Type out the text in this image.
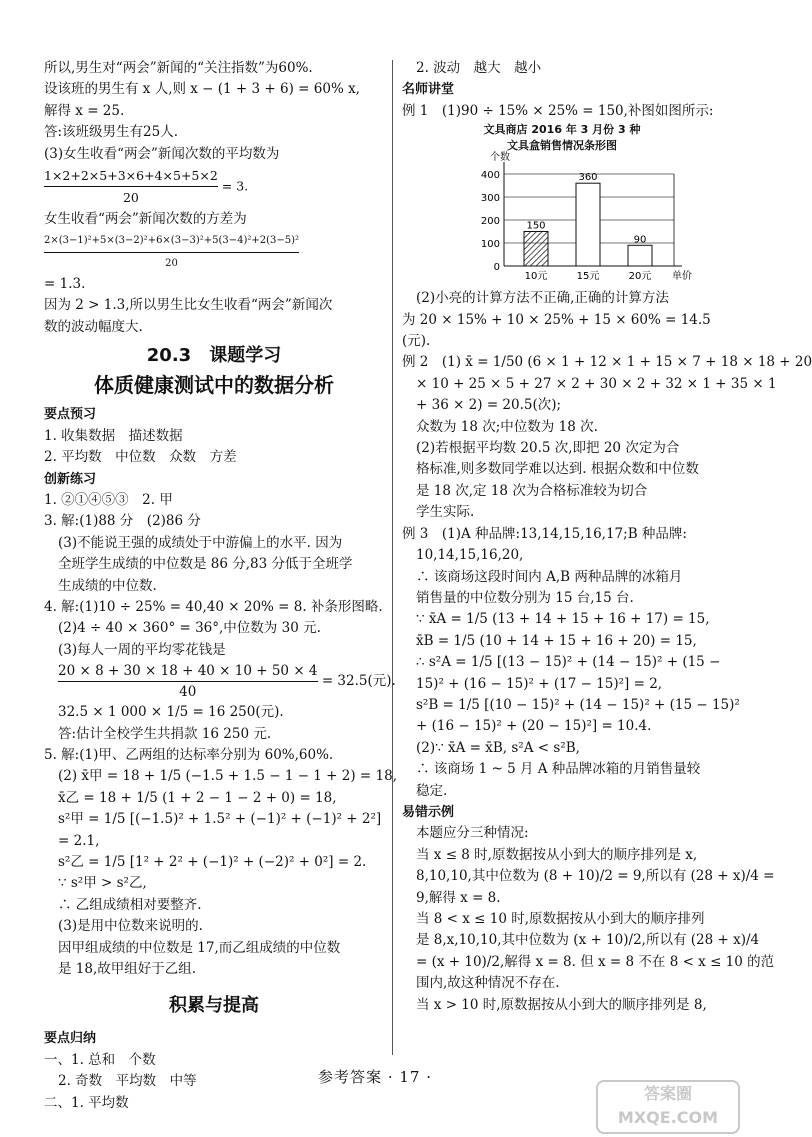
所以,男生对“两会”新闻的“关注指数”为60%.
设该班的男生有 x 人,则 x − (1 + 3 + 6) = 60% x,
解得 x = 25.
答:该班级男生有25人.
(3)女生收看“两会”新闻次数的平均数为
$\frac{1\times 2+2\times 5+3\times 6+4\times 5+5\times 2}{20} = 3$.
女生收看“两会”新闻次数的方差为
$\frac{\text{2×(3−1)²+5×(3−2)²+6×(3−3)²+5(3−4)²+2(3−5)²}}{20}$
= 1.3.
因为 2 > 1.3,所以男生比女生收看“两会”新闻次
数的波动幅度大.
20.3　课题学习
体质健康测试中的数据分析
要点预习
1. 收集数据　描述数据
2. 平均数　中位数　众数　方差
创新练习
1. ②①④⑤③　2. 甲
3. 解:(1)88 分　(2)86 分
(3)不能说王强的成绩处于中游偏上的水平. 因为
全班学生成绩的中位数是 86 分,83 分低于全班学
生成绩的中位数.
4. 解:(1)10 ÷ 25% = 40,40 × 20% = 8. 补条形图略.
(2)4 ÷ 40 × 360° = 36°,中位数为 30 元.
(3)每人一周的平均零花钱是
$\frac{20 \times 8 + 30 \times 18 + 40 \times 10 + 50 \times 4}{40} = 32.5$(元).
32.5 × 1 000 × 1/5 = 16 250(元).
答:估计全校学生共捐款 16 250 元.
5. 解:(1)甲、乙两组的达标率分别为 60%,60%.
(2) x̄甲 = 18 + 1/5 (−1.5 + 1.5 − 1 − 1 + 2) = 18,
x̄乙 = 18 + 1/5 (1 + 2 − 1 − 2 + 0) = 18,
s²甲 = 1/5 [(−1.5)² + 1.5² + (−1)² + (−1)² + 2²]
= 2.1,
s²乙 = 1/5 [1² + 2² + (−1)² + (−2)² + 0²] = 2.
∵ s²甲 > s²乙,
∴ 乙组成绩相对要整齐.
(3)是用中位数来说明的.
因甲组成绩的中位数是 17,而乙组成绩的中位数
是 18,故甲组好于乙组.
积累与提高
要点归纳
一、1. 总和　个数
2. 奇数　平均数　中等
二、1. 平均数
2. 波动　越大　越小
名师讲堂
例 1　(1)90 ÷ 15% × 25% = 150,补图如图所示:
文具商店 2016 年 3 月份 3 种
文具盒销售情况条形图
0
100
200
300
400
个数
150
10元
360
15元
90
20元 单价
(2)小亮的计算方法不正确,正确的计算方法
为 20 × 15% + 10 × 25% + 15 × 60% = 14.5
(元).
例 2　(1) x̄ = 1/50 (6 × 1 + 12 × 1 + 15 × 7 + 18 × 18 + 20
× 10 + 25 × 5 + 27 × 2 + 30 × 2 + 32 × 1 + 35 × 1
+ 36 × 2) = 20.5(次);
众数为 18 次;中位数为 18 次.
(2)若根据平均数 20.5 次,即把 20 次定为合
格标准,则多数同学难以达到. 根据众数和中位数
是 18 次,定 18 次为合格标准较为切合
学生实际.
例 3　(1)A 种品牌:13,14,15,16,17;B 种品牌:
10,14,15,16,20,
∴ 该商场这段时间内 A,B 两种品牌的冰箱月
销售量的中位数分别为 15 台,15 台.
∵ x̄A = 1/5 (13 + 14 + 15 + 16 + 17) = 15,
x̄B = 1/5 (10 + 14 + 15 + 16 + 20) = 15,
∴ s²A = 1/5 [(13 − 15)² + (14 − 15)² + (15 −
15)² + (16 − 15)² + (17 − 15)²] = 2,
s²B = 1/5 [(10 − 15)² + (14 − 15)² + (15 − 15)²
+ (16 − 15)² + (20 − 15)²] = 10.4.
(2)∵ x̄A = x̄B, s²A < s²B,
∴ 该商场 1 ~ 5 月 A 种品牌冰箱的月销售量较
稳定.
易错示例
本题应分三种情况:
当 x ≤ 8 时,原数据按从小到大的顺序排列是 x,
8,10,10,其中位数为 (8 + 10)/2 = 9,所以有 (28 + x)/4 =
9,解得 x = 8.
当 8 < x ≤ 10 时,原数据按从小到大的顺序排列
是 8,x,10,10,其中位数为 (x + 10)/2,所以有 (28 + x)/4
= (x + 10)/2,解得 x = 8. 但 x = 8 不在 8 < x ≤ 10 的范
围内,故这种情况不存在.
当 x > 10 时,原数据按从小到大的顺序排列是 8,
参考答案 · 17 ·
答案圈
MXQE.COM
